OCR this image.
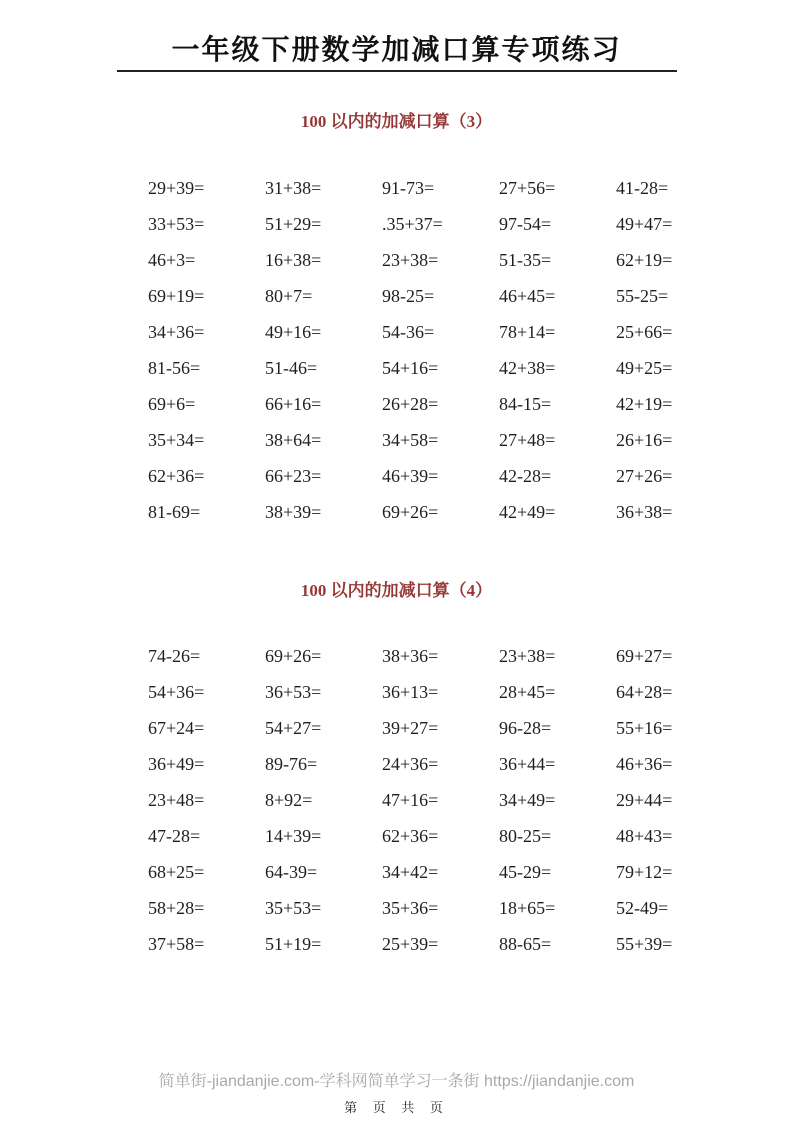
一年级下册数学加减口算专项练习
100 以内的加减口算（3）
29+39=	31+38=	91-73=	27+56=	41-28=
33+53=	51+29=	.35+37=	97-54=	49+47=
46+3=	16+38=	23+38=	51-35=	62+19=
69+19=	80+7=	98-25=	46+45=	55-25=
34+36=	49+16=	54-36=	78+14=	25+66=
81-56=	51-46=	54+16=	42+38=	49+25=
69+6=	66+16=	26+28=	84-15=	42+19=
35+34=	38+64=	34+58=	27+48=	26+16=
62+36=	66+23=	46+39=	42-28=	27+26=
81-69=	38+39=	69+26=	42+49=	36+38=
100 以内的加减口算（4）
74-26=	69+26=	38+36=	23+38=	69+27=
54+36=	36+53=	36+13=	28+45=	64+28=
67+24=	54+27=	39+27=	96-28=	55+16=
36+49=	89-76=	24+36=	36+44=	46+36=
23+48=	8+92=	47+16=	34+49=	29+44=
47-28=	14+39=	62+36=	80-25=	48+43=
68+25=	64-39=	34+42=	45-29=	79+12=
58+28=	35+53=	35+36=	18+65=	52-49=
37+58=	51+19=	25+39=	88-65=	55+39=
简单街-jiandanjie.com-学科网简单学习一条街 https://jiandanjie.com
第 页 共 页
